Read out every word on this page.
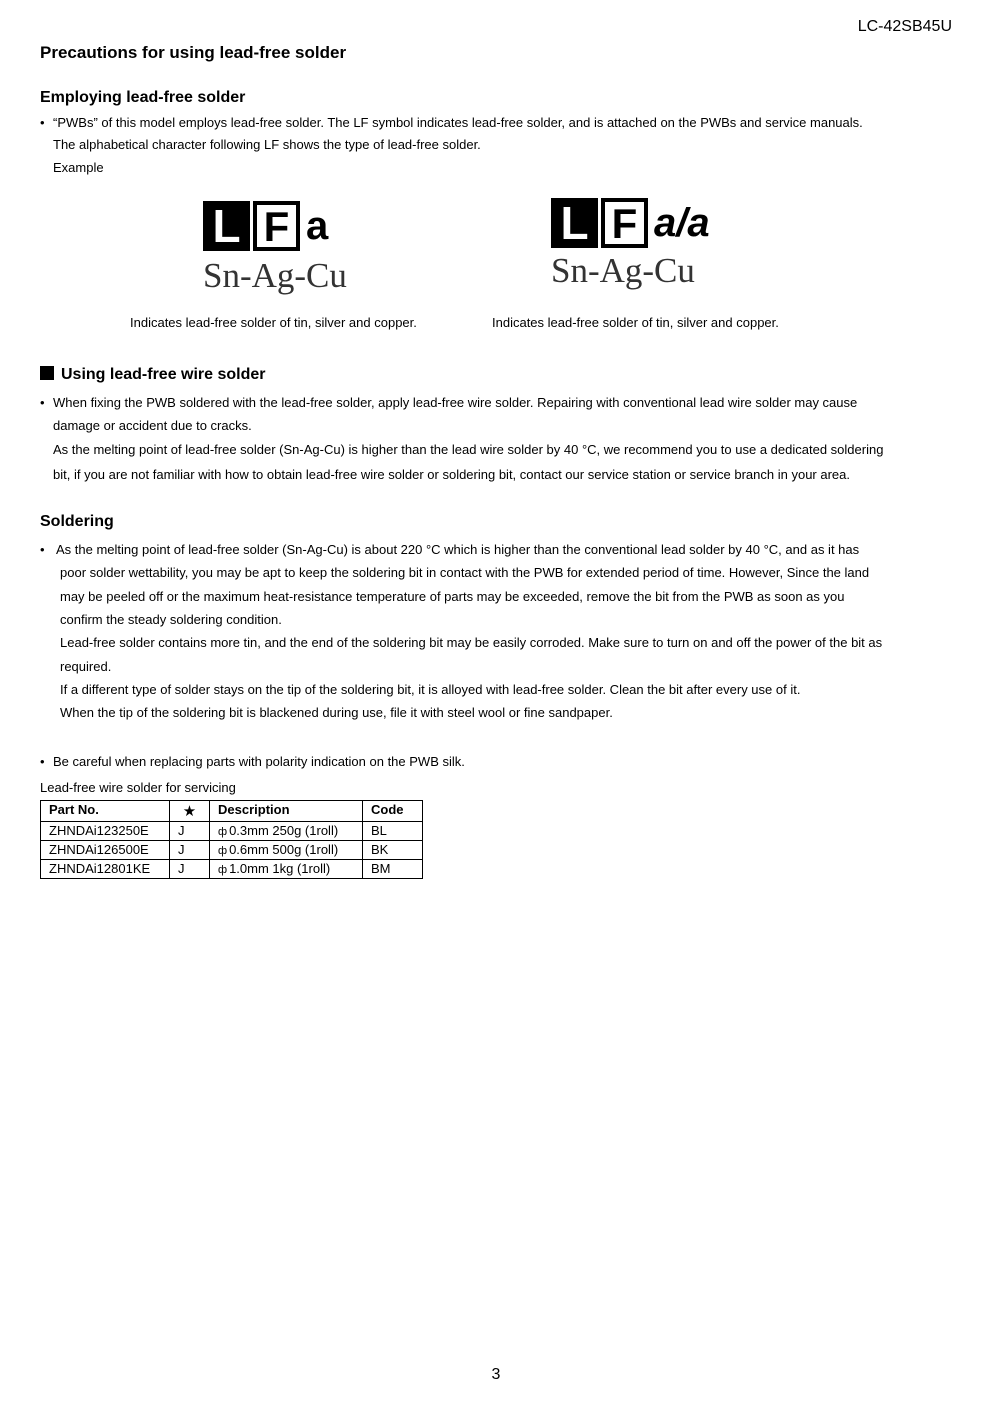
LC-42SB45U
Precautions for using lead-free solder
Employing lead-free solder
• “PWBs” of this model employs lead-free solder. The LF symbol indicates lead-free solder, and is attached on the PWBs and service manuals.
The alphabetical character following LF shows the type of lead-free solder.
Example
L F a
Sn-Ag-Cu
L F a/a
Sn-Ag-Cu
Indicates lead-free solder of tin, silver and copper.	Indicates lead-free solder of tin, silver and copper.
Using lead-free wire solder
• When fixing the PWB soldered with the lead-free solder, apply lead-free wire solder. Repairing with conventional lead wire solder may cause
damage or accident due to cracks.
As the melting point of lead-free solder (Sn-Ag-Cu) is higher than the lead wire solder by 40 °C, we recommend you to use a dedicated soldering
bit, if you are not familiar with how to obtain lead-free wire solder or soldering bit, contact our service station or service branch in your area.
Soldering
• As the melting point of lead-free solder (Sn-Ag-Cu) is about 220 °C which is higher than the conventional lead solder by 40 °C, and as it has
poor solder wettability, you may be apt to keep the soldering bit in contact with the PWB for extended period of time. However, Since the land
may be peeled off or the maximum heat-resistance temperature of parts may be exceeded, remove the bit from the PWB as soon as you
confirm the steady soldering condition.
Lead-free solder contains more tin, and the end of the soldering bit may be easily corroded. Make sure to turn on and off the power of the bit as
required.
If a different type of solder stays on the tip of the soldering bit, it is alloyed with lead-free solder. Clean the bit after every use of it.
When the tip of the soldering bit is blackened during use, file it with steel wool or fine sandpaper.
• Be careful when replacing parts with polarity indication on the PWB silk.
Lead-free wire solder for servicing
Part No.	★	Description	Code
ZHNDAi123250E	J	ф 0.3mm 250g (1roll)	BL
ZHNDAi126500E	J	ф 0.6mm 500g (1roll)	BK
ZHNDAi12801KE	J	ф 1.0mm 1kg (1roll)	BM
3
